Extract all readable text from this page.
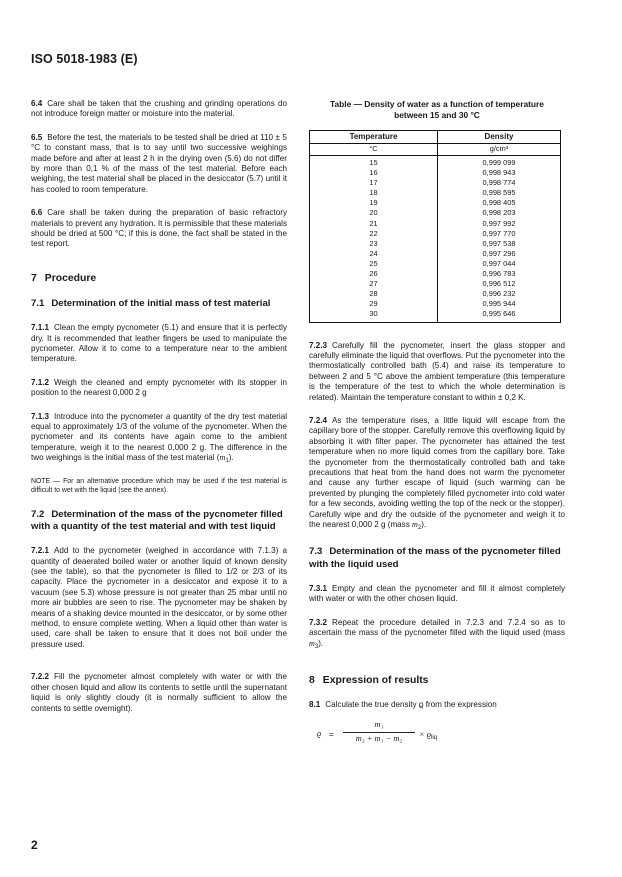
ISO 5018-1983 (E)

6.4 Care shall be taken that the crushing and grinding operations do not introduce foreign matter or moisture into the material.

6.5 Before the test, the materials to be tested shall be dried at 110 ± 5 °C to constant mass, that is to say until two successive weighings made before and after at least 2 h in the drying oven (5.6) do not differ by more than 0,1 % of the mass of the test material. Before each weighing, the test material shall be placed in the desiccator (5.7) until it has cooled to room temperature.

6.6 Care shall be taken during the preparation of basic refractory materials to prevent any hydration. It is permissible that these materials should be dried at 500 °C; if this is done, the fact shall be stated in the test report.

7 Procedure

7.1 Determination of the initial mass of test material

7.1.1 Clean the empty pycnometer (5.1) and ensure that it is perfectly dry. It is recommended that leather fingers be used to manipulate the pycnometer. Allow it to come to a temperature near to the ambient temperature.

7.1.2 Weigh the cleaned and empty pycnometer with its stopper in position to the nearest 0,000 2 g

7.1.3 Introduce into the pycnometer a quantity of the dry test material equal to approximately 1/3 of the volume of the pycnometer. When the pycnometer and its contents have again come to the ambient temperature, weigh it to the nearest 0,000 2 g. The difference in the two weighings is the initial mass of the test material $(m_1)$.

NOTE — For an alternative procedure which may be used if the test material is difficult to wet with the liquid (see the annex).

7.2 Determination of the mass of the pycnometer filled with a quantity of the test material and with test liquid

7.2.1 Add to the pycnometer (weighed in accordance with 7.1.3) a quantity of deaerated boiled water or another liquid of known density (see the table), so that the pycnometer is filled to 1/2 or 2/3 of its capacity. Place the pycnometer in a desiccator and expose it to a vacuum (see 5.3) whose pressure is not greater than 25 mbar until no more air bubbles are seen to rise. The pycnometer may be shaken by means of a shaking device mounted in the desiccator, or by some other method, to ensure complete wetting. When a liquid other than water is used, care shall be taken to ensure that it does not boil under the pressure used.

7.2.2 Fill the pycnometer almost completely with water or with the other chosen liquid and allow its contents to settle until the supernatant liquid is only slightly cloudy (it is normally sufficient to allow the contents to settle overnight).

Table — Density of water as a function of temperature
between 15 and 30 °C

Temperature	Density
°C	g/cm³
15	0,999 099
16	0,998 943
17	0,998 774
18	0,998 595
19	0,998 405
20	0,998 203
21	0,997 992
22	0,997 770
23	0,997 538
24	0,997 296
25	0,997 044
26	0,996 783
27	0,996 512
28	0,996 232
29	0,995 944
30	0,995 646

7.2.3 Carefully fill the pycnometer, insert the glass stopper and carefully eliminate the liquid that overflows. Put the pycnometer into the thermostatically controlled bath (5.4) and raise its temperature to between 2 and 5 °C above the ambient temperature (this temperature is the temperature of the test to which the whole determination is related). Maintain the temperature constant to within ± 0,2 K.

7.2.4 As the temperature rises, a little liquid will escape from the capillary bore of the stopper. Carefully remove this overflowing liquid by absorbing it with filter paper. The pycnometer has attained the test temperature when no more liquid comes from the capillary bore. Take the pycnometer from the thermostatically controlled bath and take precautions that heat from the hand does not warm the pycnometer and cause any further escape of liquid (such warming can be prevented by plunging the completely filled pycnometer into cold water for a few seconds, avoiding wetting the top of the neck or the stopper). Carefully wipe and dry the outside of the pycnometer and weigh it to the nearest 0,000 2 g (mass $m_2$).

7.3 Determination of the mass of the pycnometer filled with the liquid used

7.3.1 Empty and clean the pycnometer and fill it almost completely with water or with the other chosen liquid.

7.3.2 Repeat the procedure detailed in 7.2.3 and 7.2.4 so as to ascertain the mass of the pycnometer filled with the liquid used (mass $m_3$).

8 Expression of results

8.1 Calculate the true density ϱ from the expression

ϱ =
m₁
m₃ + m₁ − m₂	× $ϱ_{liq}$
2
